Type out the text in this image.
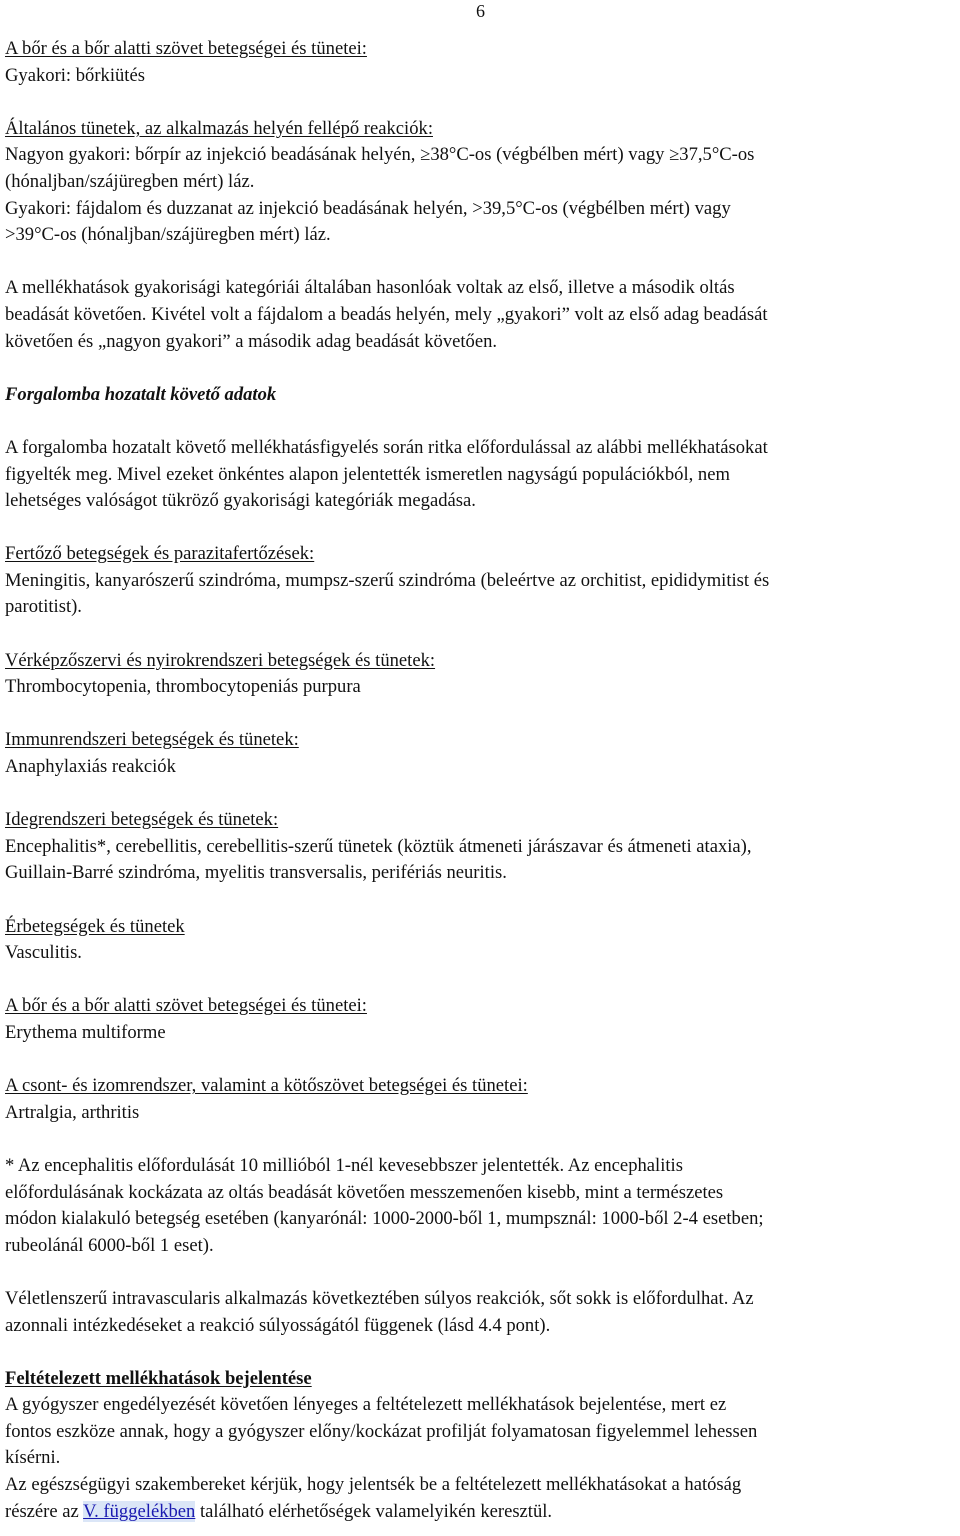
6

A bőr és a bőr alatti szövet betegségei és tünetei:

Gyakori: bőrkiütés

Általános tünetek, az alkalmazás helyén fellépő reakciók:

Nagyon gyakori: bőrpír az injekció beadásának helyén, ≥38°C-os (végbélben mért) vagy ≥37,5°C-os

(hónaljban/szájüregben mért) láz.

Gyakori: fájdalom és duzzanat az injekció beadásának helyén, >39,5°C-os (végbélben mért) vagy

>39°C-os (hónaljban/szájüregben mért) láz.

A mellékhatások gyakorisági kategóriái általában hasonlóak voltak az első, illetve a második oltás

beadását követően. Kivétel volt a fájdalom a beadás helyén, mely „gyakori” volt az első adag beadását

követően és „nagyon gyakori” a második adag beadását követően.

Forgalomba hozatalt követő adatok

A forgalomba hozatalt követő mellékhatásfigyelés során ritka előfordulással az alábbi mellékhatásokat

figyelték meg. Mivel ezeket önkéntes alapon jelentették ismeretlen nagyságú populációkból, nem

lehetséges valóságot tükröző gyakorisági kategóriák megadása.

Fertőző betegségek és parazitafertőzések:

Meningitis, kanyarószerű szindróma, mumpsz-szerű szindróma (beleértve az orchitist, epididymitist és

parotitist).

Vérképzőszervi és nyirokrendszeri betegségek és tünetek:

Thrombocytopenia, thrombocytopeniás purpura

Immunrendszeri betegségek és tünetek:

Anaphylaxiás reakciók

Idegrendszeri betegségek és tünetek:

Encephalitis*, cerebellitis, cerebellitis-szerű tünetek (köztük átmeneti járászavar és átmeneti ataxia),

Guillain-Barré szindróma, myelitis transversalis, perifériás neuritis.

Érbetegségek és tünetek

Vasculitis.

A bőr és a bőr alatti szövet betegségei és tünetei:

Erythema multiforme

A csont- és izomrendszer, valamint a kötőszövet betegségei és tünetei:

Artralgia, arthritis

* Az encephalitis előfordulását 10 millióból 1-nél kevesebbszer jelentették. Az encephalitis

előfordulásának kockázata az oltás beadását követően messzemenően kisebb, mint a természetes

módon kialakuló betegség esetében (kanyarónál: 1000-2000-ből 1, mumpsznál: 1000-ből 2-4 esetben;

rubeolánál 6000-ből 1 eset).

Véletlenszerű intravascularis alkalmazás következtében súlyos reakciók, sőt sokk is előfordulhat. Az

azonnali intézkedéseket a reakció súlyosságától függenek (lásd 4.4 pont).

Feltételezett mellékhatások bejelentése

A gyógyszer engedélyezését követően lényeges a feltételezett mellékhatások bejelentése, mert ez

fontos eszköze annak, hogy a gyógyszer előny/kockázat profilját folyamatosan figyelemmel lehessen

kísérni.

Az egészségügyi szakembereket kérjük, hogy jelentsék be a feltételezett mellékhatásokat a hatóság

részére az V. függelékben található elérhetőségek valamelyikén keresztül.
